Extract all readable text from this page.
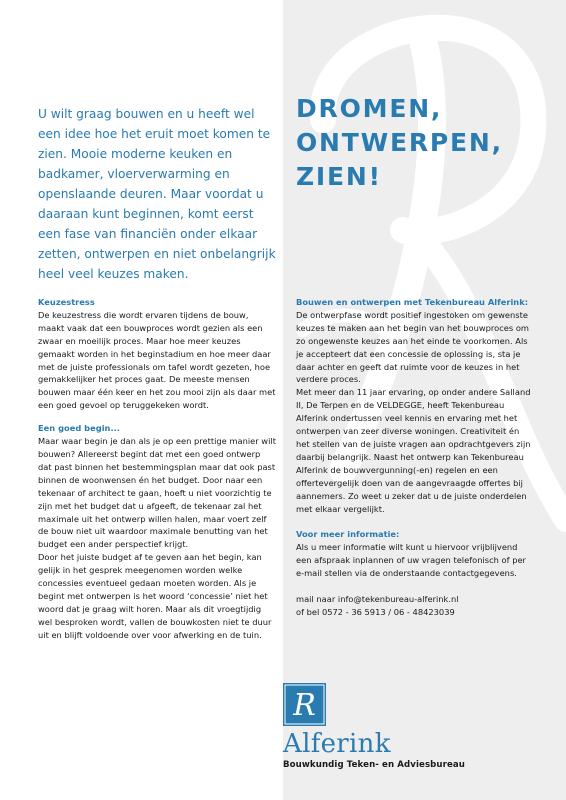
U wilt graag bouwen en u heeft wel een idee hoe het eruit moet komen te zien. Mooie moderne keuken en badkamer, vloerverwarming en openslaande deuren. Maar voordat u daaraan kunt beginnen, komt eerst een fase van financiën onder elkaar zetten, ontwerpen en niet onbelangrijk heel veel keuzes maken.

DROMEN,
ONTWERPEN,
ZIEN!
Keuzestress

De keuzestress die wordt ervaren tijdens de bouw, maakt vaak dat een bouwproces wordt gezien als een zwaar en moeilijk proces. Maar hoe meer keuzes gemaakt worden in het beginstadium en hoe meer daar met de juiste professionals om tafel wordt gezeten, hoe gemakkelijker het proces gaat. De meeste mensen bouwen maar één keer en het zou mooi zijn als daar met een goed gevoel op teruggekeken wordt.

Een goed begin...

Maar waar begin je dan als je op een prettige manier wilt bouwen? Allereerst begint dat met een goed ontwerp dat past binnen het bestemmingsplan maar dat ook past binnen de woonwensen én het budget. Door naar een tekenaar of architect te gaan, hoeft u niet voorzichtig te zijn met het budget dat u afgeeft, de tekenaar zal het maximale uit het ontwerp willen halen, maar voert zelf de bouw niet uit waardoor maximale benutting van het budget een ander perspectief krijgt.

Door het juiste budget af te geven aan het begin, kan gelijk in het gesprek meegenomen worden welke concessies eventueel gedaan moeten worden. Als je begint met ontwerpen is het woord ‘concessie’ niet het woord dat je graag wilt horen. Maar als dit vroegtijdig wel besproken wordt, vallen de bouwkosten niet te duur uit en blijft voldoende over voor afwerking en de tuin.

Bouwen en ontwerpen met Tekenbureau Alferink:

De ontwerpfase wordt positief ingestoken om gewenste keuzes te maken aan het begin van het bouwproces om zo ongewenste keuzes aan het einde te voorkomen. Als je accepteert dat een concessie de oplossing is, sta je daar achter en geeft dat ruimte voor de keuzes in het verdere proces.

Met meer dan 11 jaar ervaring, op onder andere Salland II, De Terpen en de VELDEGGE, heeft Tekenbureau Alferink ondertussen veel kennis en ervaring met het ontwerpen van zeer diverse woningen. Creativiteit én het stellen van de juiste vragen aan opdrachtgevers zijn daarbij belangrijk. Naast het ontwerp kan Tekenbureau Alferink de bouwvergunning(-en) regelen en een offertevergelijk doen van de aangevraagde offertes bij aannemers. Zo weet u zeker dat u de juiste onderdelen met elkaar vergelijkt.

Voor meer informatie:

Als u meer informatie wilt kunt u hiervoor vrijblijvend een afspraak inplannen of uw vragen telefonisch of per e-mail stellen via de onderstaande contactgegevens.

mail naar info@tekenbureau-alferink.nl

of bel 0572 - 36 5913 / 06 - 48423039

R
Alferink
Bouwkundig Teken- en Adviesbureau
